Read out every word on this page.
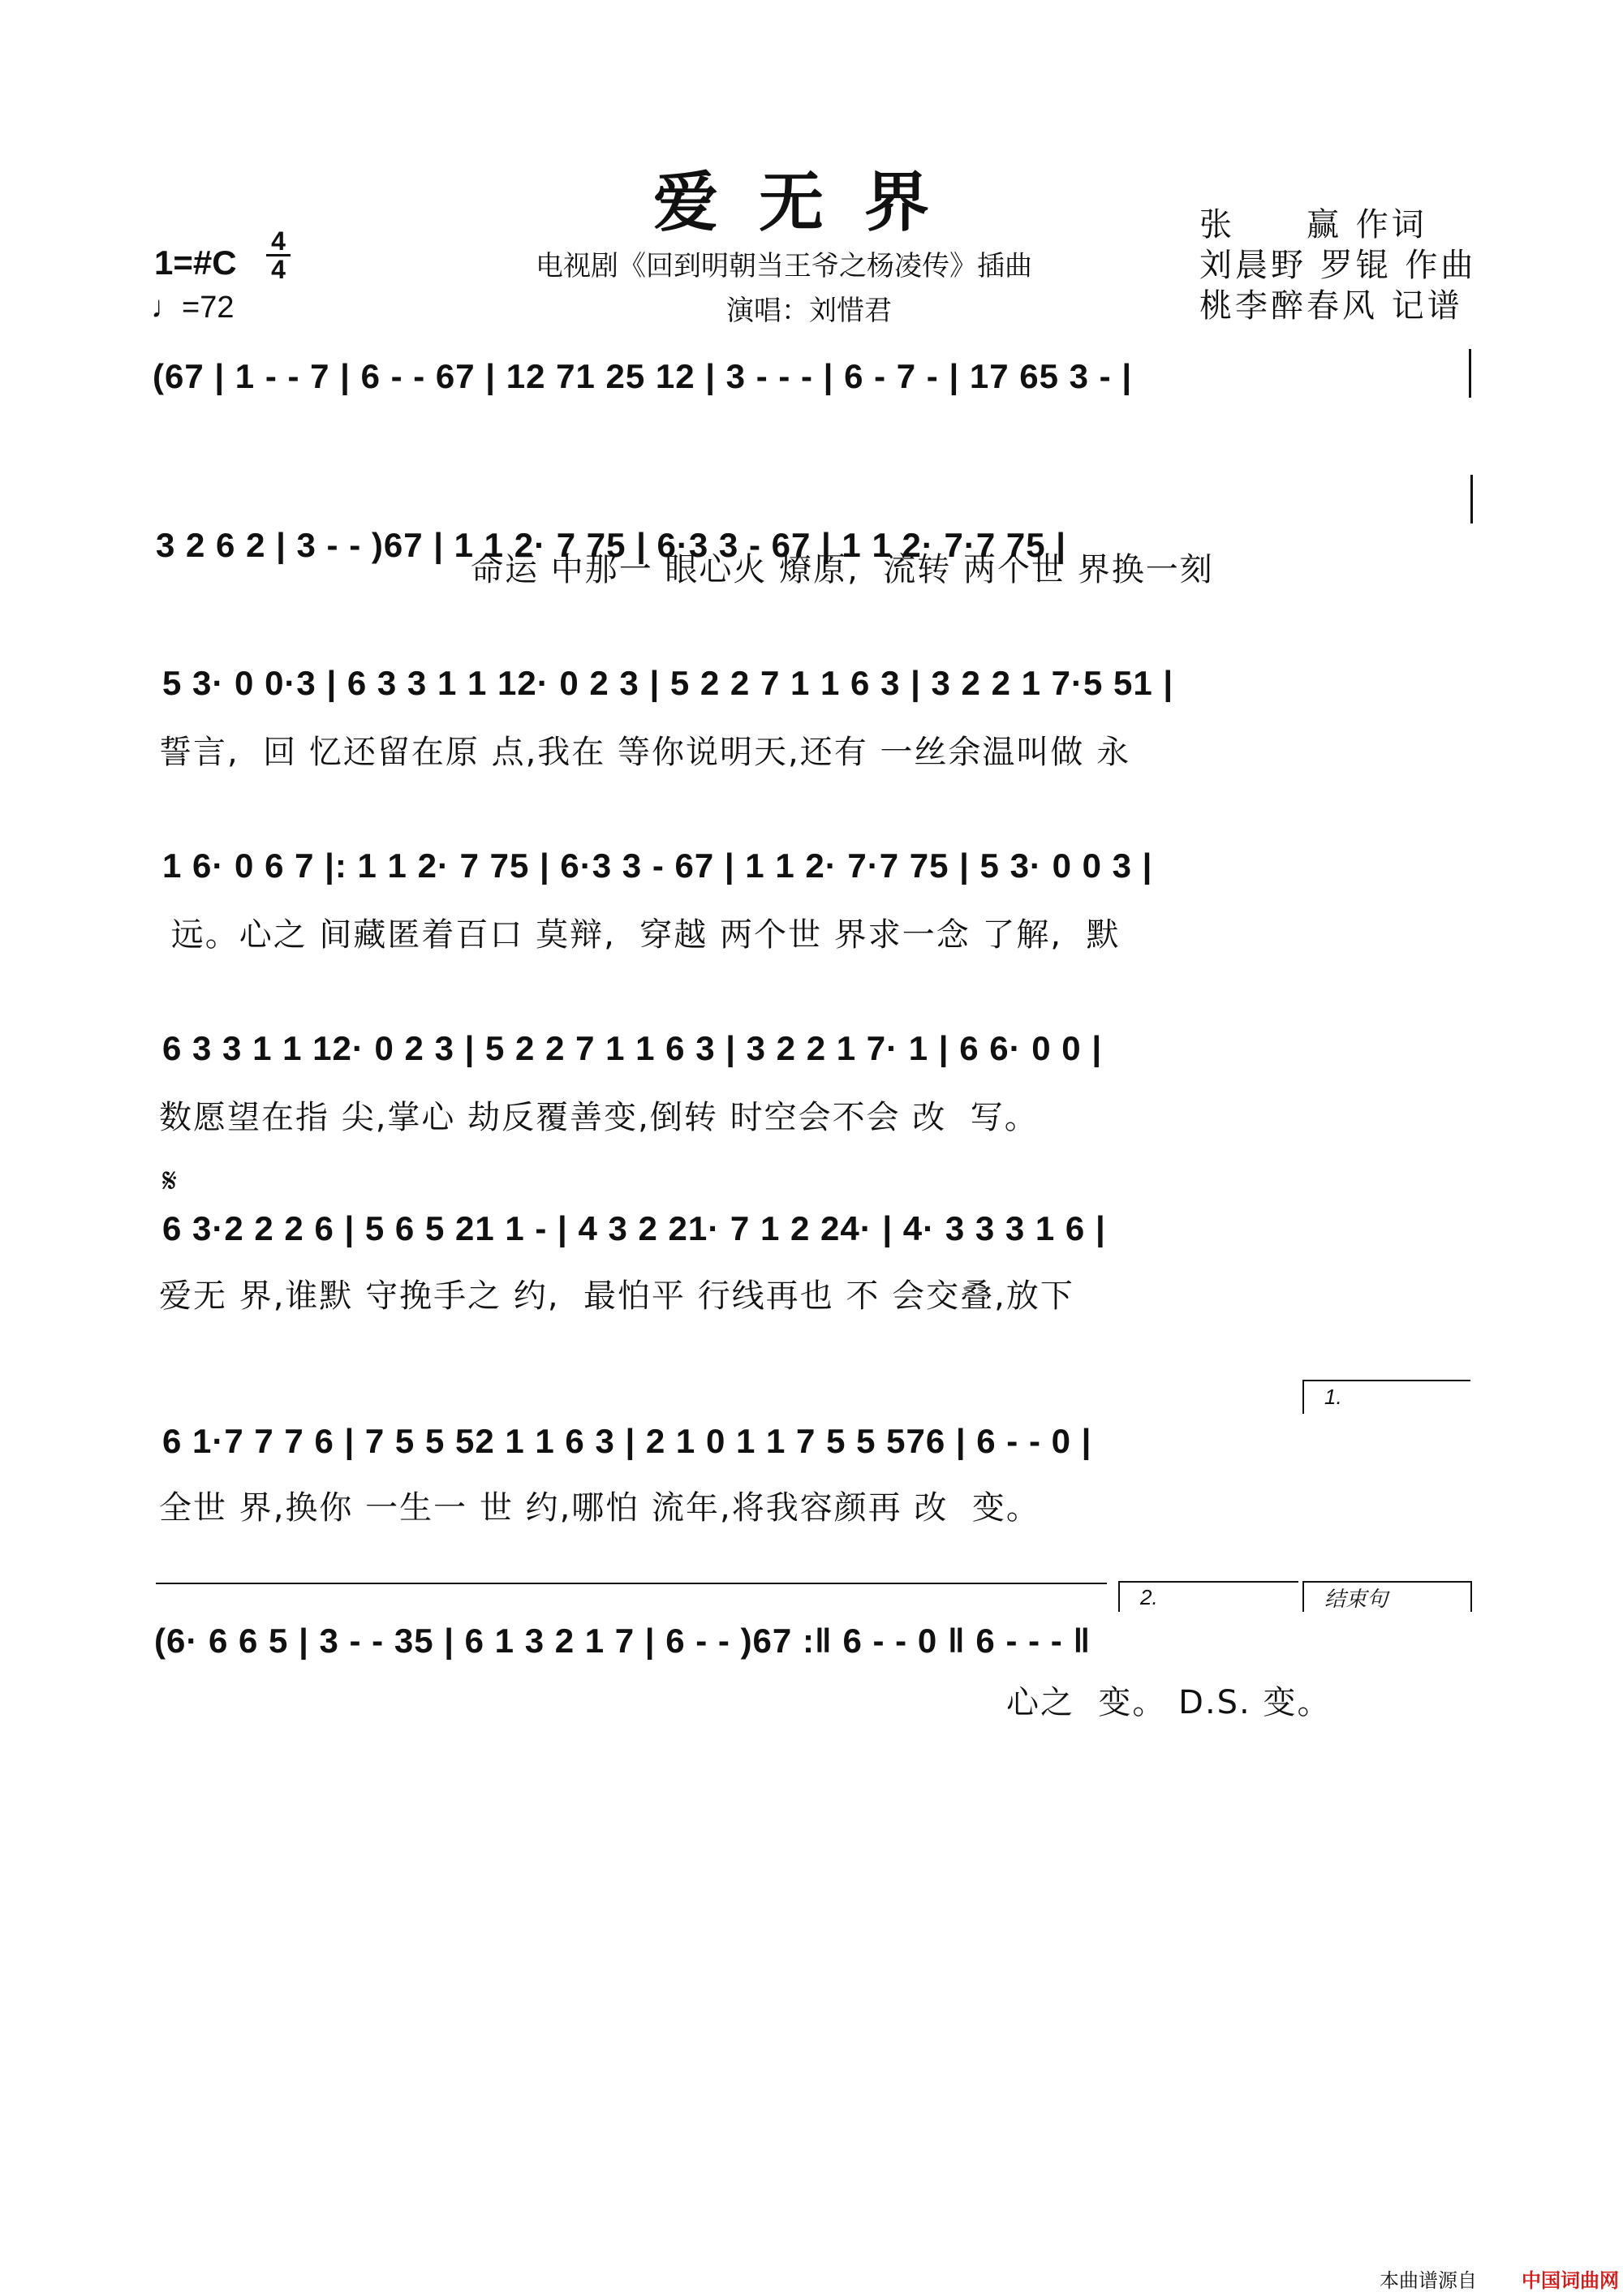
爱无界
电视剧《回到明朝当王爷之杨凌传》插曲
演唱：刘惜君
1=#C
4
4
♩=72
张　　赢 作词
刘晨野 罗锟 作曲
桃李醉春风 记谱
(67 | 1 - - 7 | 6 - - 67 | 12 71 25 12 | 3 - - - | 6 - 7 - | 17 65 3 - |
3 2 6 2 | 3 - - )67 | 1 1 2· 7 75 | 6·3 3 - 67 | 1 1 2· 7·7 75 |
命运 中那一 眼心火 燎原,  流转 两个世 界换一刻
5 3· 0 0·3 | 6 3 3 1 1 12· 0 2 3 | 5 2 2 7 1 1 6 3 | 3 2 2 1 7·5 51 |
誓言,  回 忆还留在原 点,我在 等你说明天,还有 一丝余温叫做 永
1 6· 0 6 7 |: 1 1 2· 7 75 | 6·3 3 - 67 | 1 1 2· 7·7 75 | 5 3· 0 0 3 |
远。心之 间藏匿着百口 莫辩,  穿越 两个世 界求一念 了解,  默
6 3 3 1 1 12· 0 2 3 | 5 2 2 7 1 1 6 3 | 3 2 2 1 7· 1 | 6 6· 0 0 |
数愿望在指 尖,掌心 劫反覆善变,倒转 时空会不会 改  写。
𝄋
6 3·2 2 2 6 | 5 6 5 21 1 - | 4 3 2 21· 7 1 2 24· | 4· 3 3 3 1 6 |
爱无 界,谁默 守挽手之 约,  最怕平 行线再也 不 会交叠,放下
1.
6 1·7 7 7 6 | 7 5 5 52 1 1 6 3 | 2 1 0 1 1 7 5 5 576 | 6 - - 0 |
全世 界,换你 一生一 世 约,哪怕 流年,将我容颜再 改  变。
2.	结束句
(6· 6 6 5 | 3 - - 35 | 6 1 3 2 1 7 | 6 - - )67 :‖ 6 - - 0 ‖ 6 - - - ‖
心之  变。 D.S. 变。
本曲谱源自 中国词曲网
